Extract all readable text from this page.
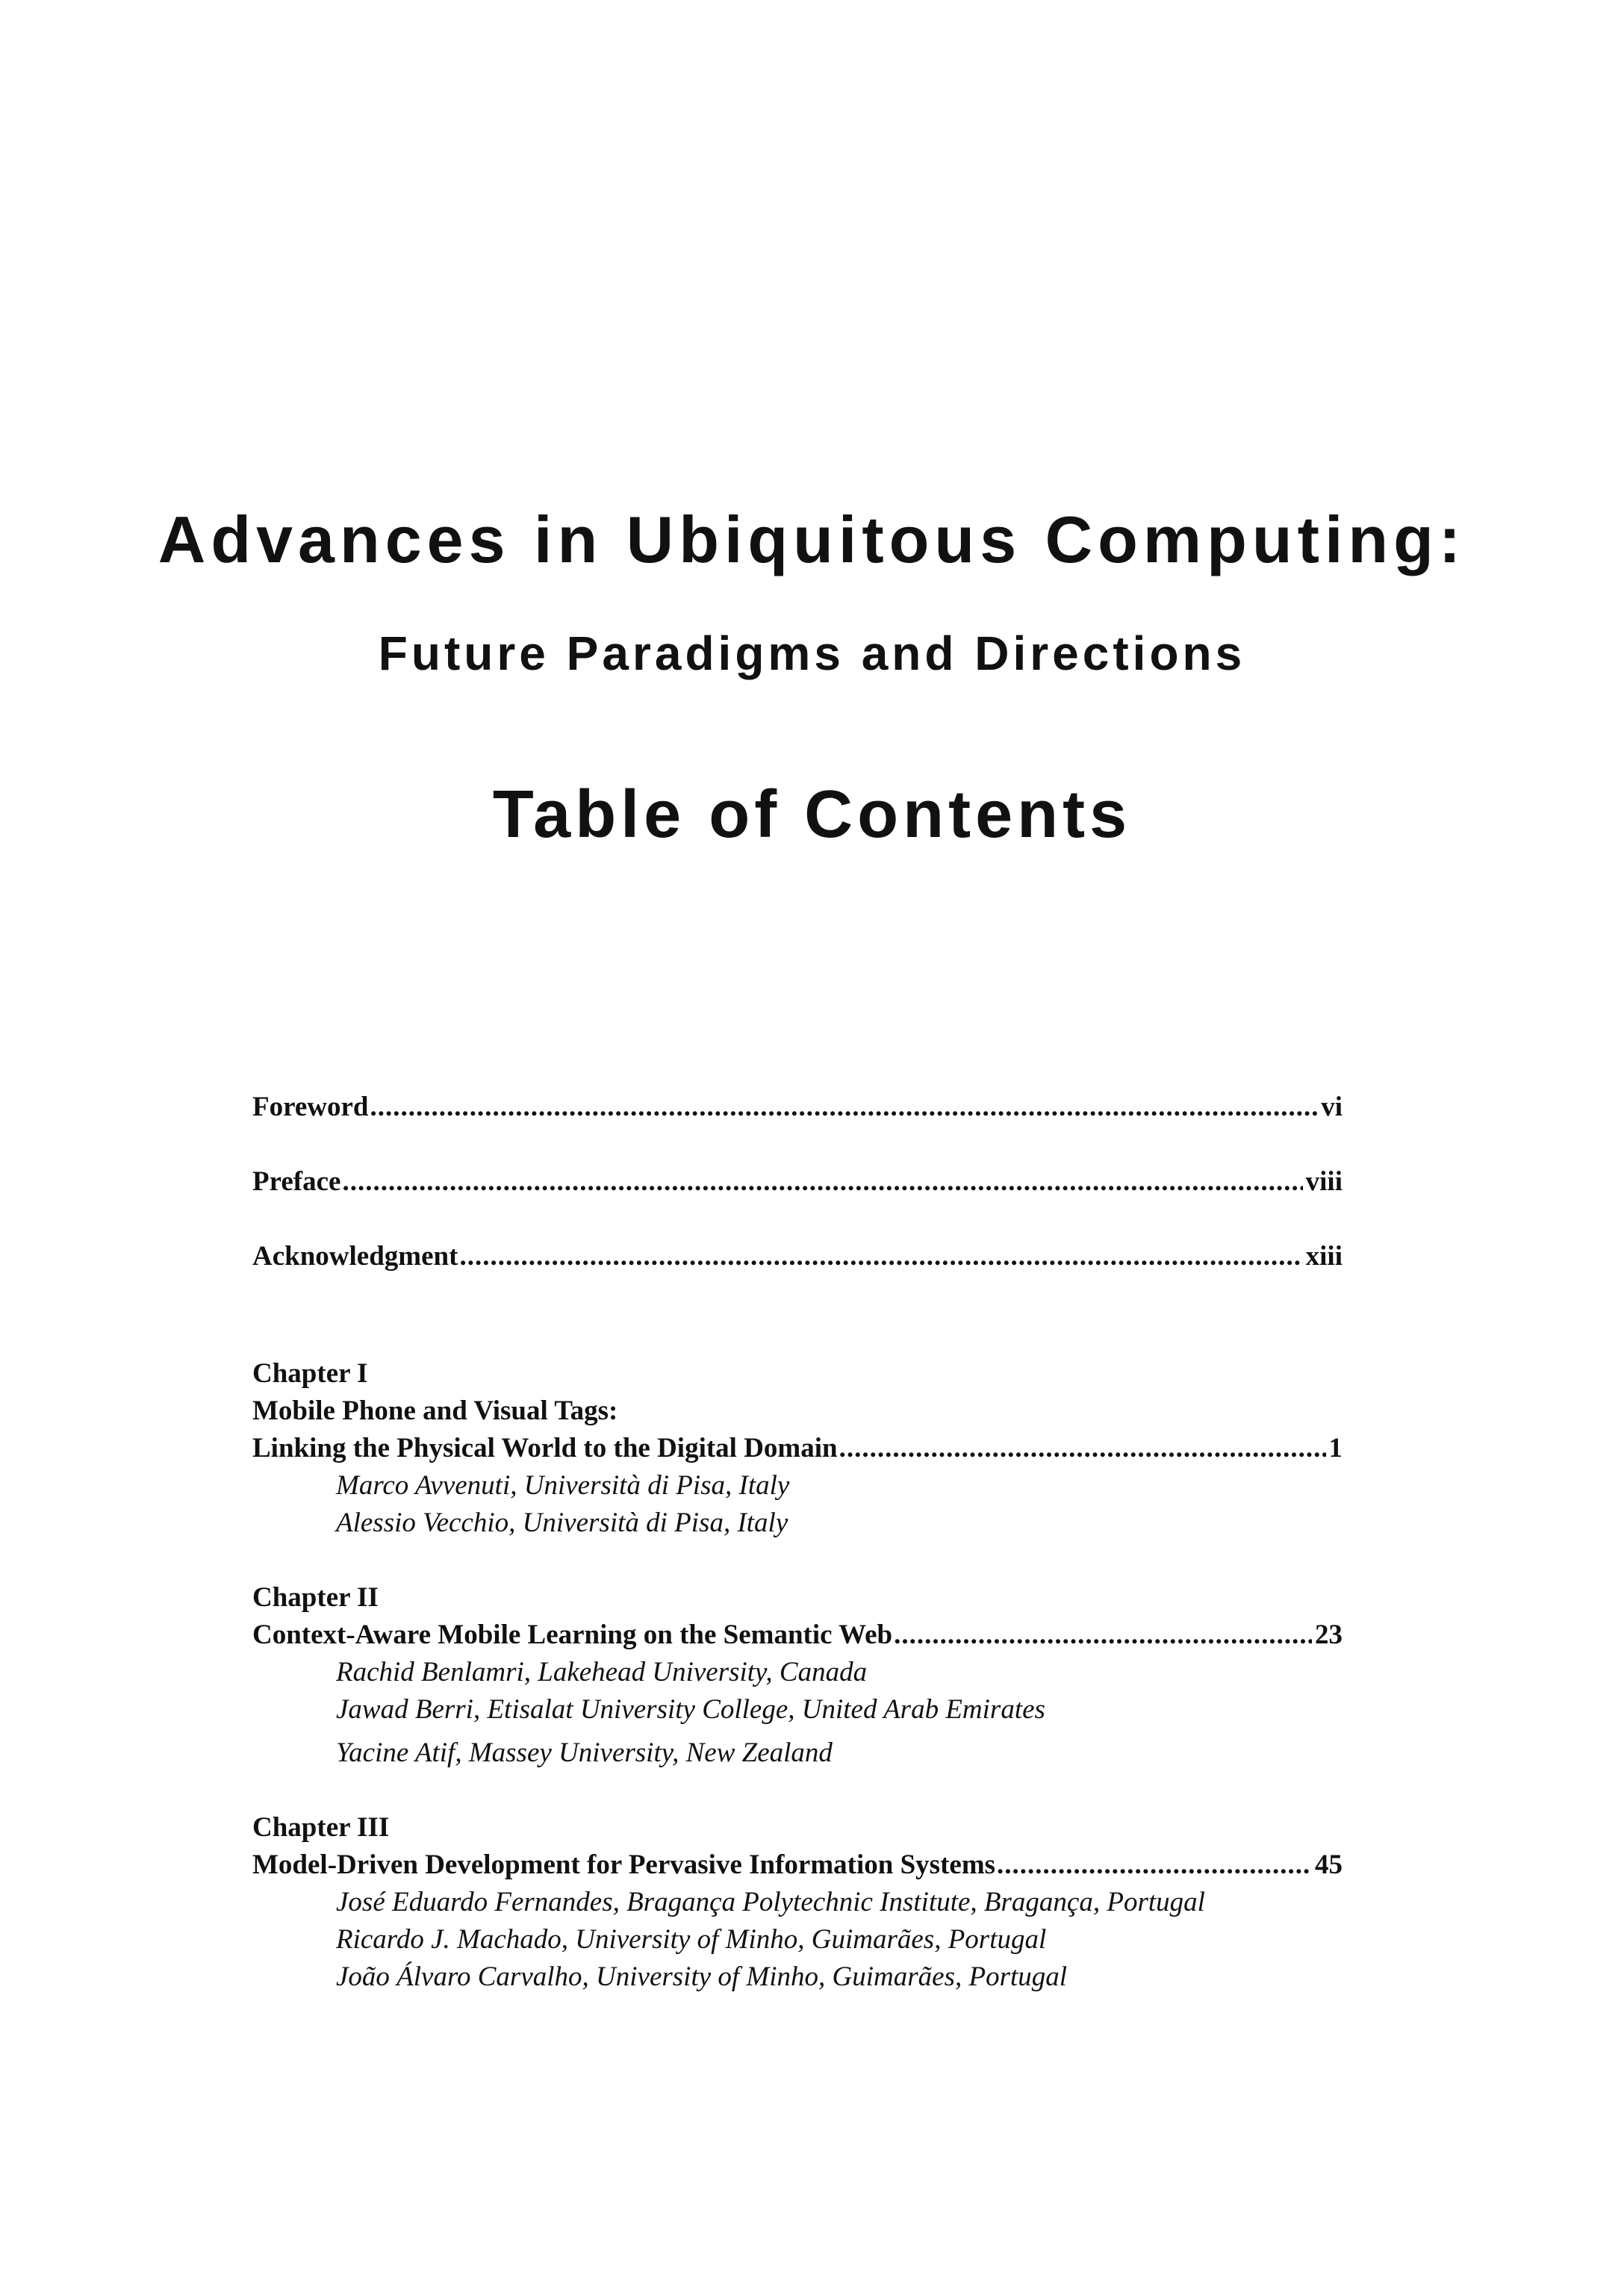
Advances in Ubiquitous Computing:
Future Paradigms and Directions
Table of Contents
Foreword .....	vi
Preface .....	viii
Acknowledgment .....	xiii
Chapter I
Mobile Phone and Visual Tags:
Linking the Physical World to the Digital Domain .....	1
Marco Avvenuti, Università di Pisa, Italy
Alessio Vecchio, Università di Pisa, Italy
Chapter II
Context-Aware Mobile Learning on the Semantic Web .....	23
Rachid Benlamri, Lakehead University, Canada
Jawad Berri, Etisalat University College, United Arab Emirates
Yacine Atif, Massey University, New Zealand
Chapter III
Model-Driven Development for Pervasive Information Systems .....	45
José Eduardo Fernandes, Bragança Polytechnic Institute, Bragança, Portugal
Ricardo J. Machado, University of Minho, Guimarães, Portugal
João Álvaro Carvalho, University of Minho, Guimarães, Portugal
